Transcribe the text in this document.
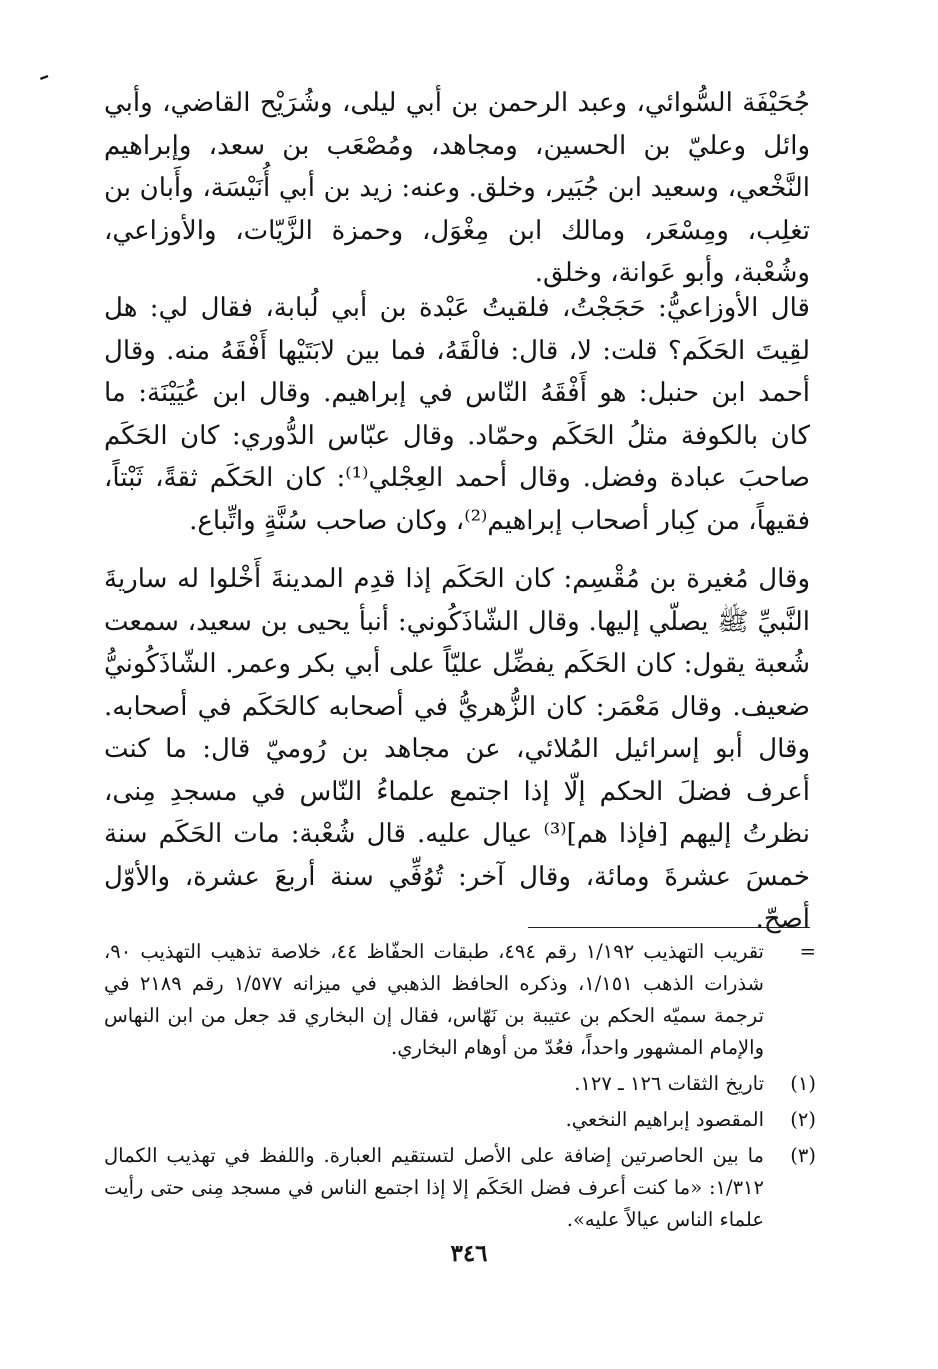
ـ
جُحَيْفَة السُّوائي، وعبد الرحمن بن أبي ليلى، وشُرَيْح القاضي، وأبي وائل وعليّ بن الحسين، ومجاهد، ومُصْعَب بن سعد، وإبراهيم النَّخْعي، وسعيد ابن جُبَير، وخلق. وعنه: زيد بن أبي أُنَيْسَة، وأَبان بن تغلِب، ومِسْعَر، ومالك ابن مِغْوَل، وحمزة الزَّيّات، والأوزاعي، وشُعْبة، وأبو عَوانة، وخلق.
قال الأوزاعيُّ: حَجَجْتُ، فلقيتُ عَبْدة بن أبي لُبابة، فقال لي: هل لقِيتَ الحَكَم؟ قلت: لا، قال: فالْقَهُ، فما بين لابَتَيْها أَفْقَهُ منه. وقال أحمد ابن حنبل: هو أَفْقَهُ النّاس في إبراهيم. وقال ابن عُيَيْنَة: ما كان بالكوفة مثلُ الحَكَم وحمّاد. وقال عبّاس الدُّوري: كان الحَكَم صاحبَ عبادة وفضل. وقال أحمد العِجْلي⁽¹⁾: كان الحَكَم ثقةً، ثَبْتاً، فقيهاً، من كِبار أصحاب إبراهيم⁽²⁾، وكان صاحب سُنَّةٍ واتِّباع.
وقال مُغيرة بن مُقْسِم: كان الحَكَم إذا قدِم المدينةَ أَخْلوا له ساريةَ النَّبيِّ ﷺ يصلّي إليها. وقال الشّاذَكُوني: أنبأ يحيى بن سعيد، سمعت شُعبة يقول: كان الحَكَم يفضِّل عليّاً على أبي بكر وعمر. الشّاذَكُونيُّ ضعيف. وقال مَعْمَر: كان الزُّهريُّ في أصحابه كالحَكَم في أصحابه. وقال أبو إسرائيل المُلائي، عن مجاهد بن رُوميّ قال: ما كنت أعرف فضلَ الحكم إلّا إذا اجتمع علماءُ النّاس في مسجدِ مِنى، نظرتُ إليهم [فإذا هم]⁽³⁾ عيال عليه. قال شُعْبة: مات الحَكَم سنة خمسَ عشرةَ ومائة، وقال آخر: تُوُفِّي سنة أربعَ عشرة، والأوّل أصحّ.
=
تقريب التهذيب ١/١٩٢ رقم ٤٩٤، طبقات الحفّاظ ٤٤، خلاصة تذهيب التهذيب ٩٠، شذرات الذهب ١/١٥١، وذكره الحافظ الذهبي في ميزانه ١/٥٧٧ رقم ٢١٨٩ في ترجمة سميّه الحكم بن عتيبة بن نَهّاس، فقال إن البخاري قد جعل من ابن النهاس والإمام المشهور واحداً، فعُدّ من أوهام البخاري.
(١)
تاريخ الثقات ١٢٦ ـ ١٢٧.
(٢)
المقصود إبراهيم النخعي.
(٣)
ما بين الحاصرتين إضافة على الأصل لتستقيم العبارة. واللفظ في تهذيب الكمال ١/٣١٢: «ما كنت أعرف فضل الحَكَم إلا إذا اجتمع الناس في مسجد مِنى حتى رأيت علماء الناس عيالاً عليه».
٣٤٦
